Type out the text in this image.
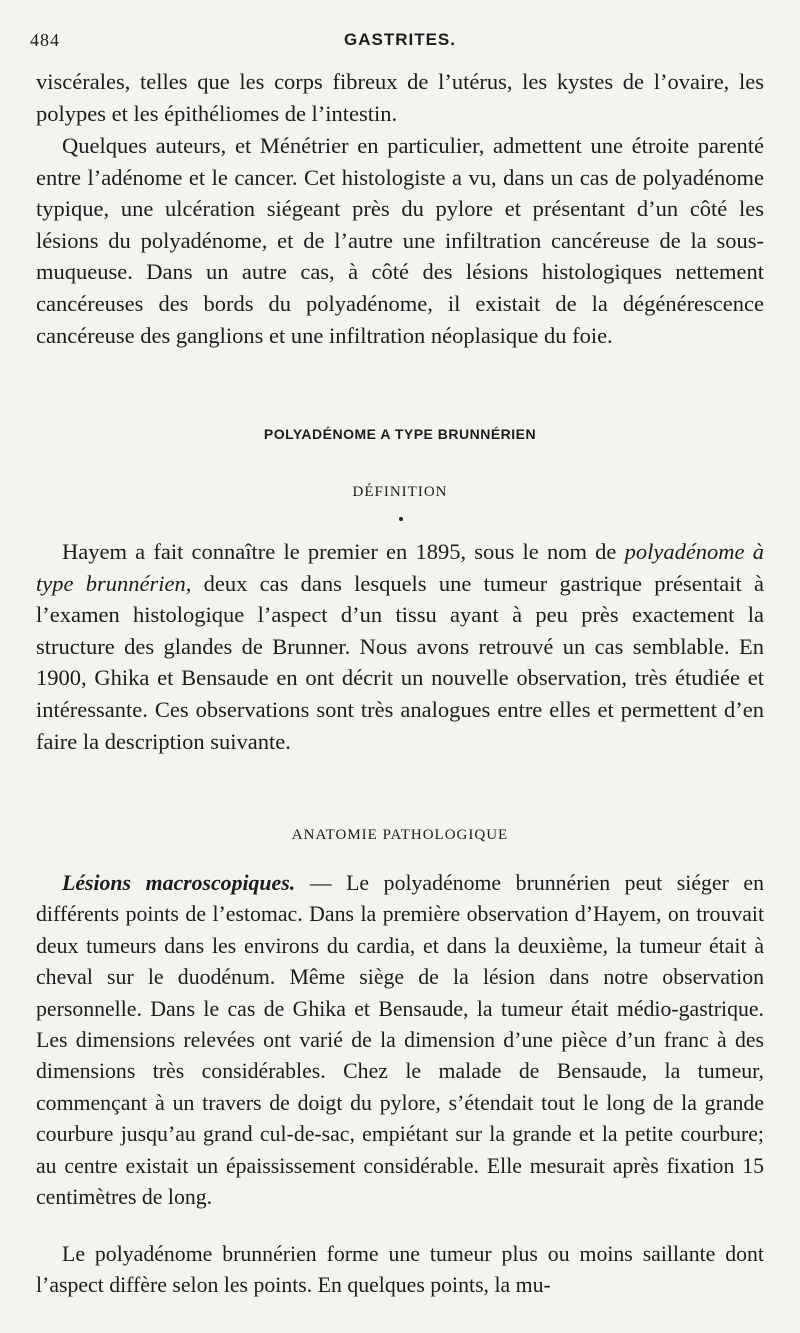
484	GASTRITES.

viscérales, telles que les corps fibreux de l’utérus, les kystes de l’ovaire, les polypes et les épithéliomes de l’intestin.

Quelques auteurs, et Ménétrier en particulier, admettent une étroite parenté entre l’adénome et le cancer. Cet histologiste a vu, dans un cas de polyadénome typique, une ulcération siégeant près du pylore et présentant d’un côté les lésions du polyadénome, et de l’autre une infiltration cancéreuse de la sous-muqueuse. Dans un autre cas, à côté des lésions histologiques nettement cancéreuses des bords du polyadénome, il existait de la dégénérescence cancéreuse des ganglions et une infiltration néoplasique du foie.

POLYADÉNOME A TYPE BRUNNÉRIEN
DÉFINITION

Hayem a fait connaître le premier en 1895, sous le nom de polyadénome à type brunnérien, deux cas dans lesquels une tumeur gastrique présentait à l’examen histologique l’aspect d’un tissu ayant à peu près exactement la structure des glandes de Brunner. Nous avons retrouvé un cas semblable. En 1900, Ghika et Bensaude en ont décrit un nouvelle observation, très étudiée et intéressante. Ces observations sont très analogues entre elles et permettent d’en faire la description suivante.

ANATOMIE PATHOLOGIQUE

Lésions macroscopiques. — Le polyadénome brunnérien peut siéger en différents points de l’estomac. Dans la première observation d’Hayem, on trouvait deux tumeurs dans les environs du cardia, et dans la deuxième, la tumeur était à cheval sur le duodénum. Même siège de la lésion dans notre observation personnelle. Dans le cas de Ghika et Bensaude, la tumeur était médio-gastrique. Les dimensions relevées ont varié de la dimension d’une pièce d’un franc à des dimensions très considérables. Chez le malade de Bensaude, la tumeur, commençant à un travers de doigt du pylore, s’étendait tout le long de la grande courbure jusqu’au grand cul-de-sac, empiétant sur la grande et la petite courbure; au centre existait un épaississement considérable. Elle mesurait après fixation 15 centimètres de long.

Le polyadénome brunnérien forme une tumeur plus ou moins saillante dont l’aspect diffère selon les points. En quelques points, la mu-
